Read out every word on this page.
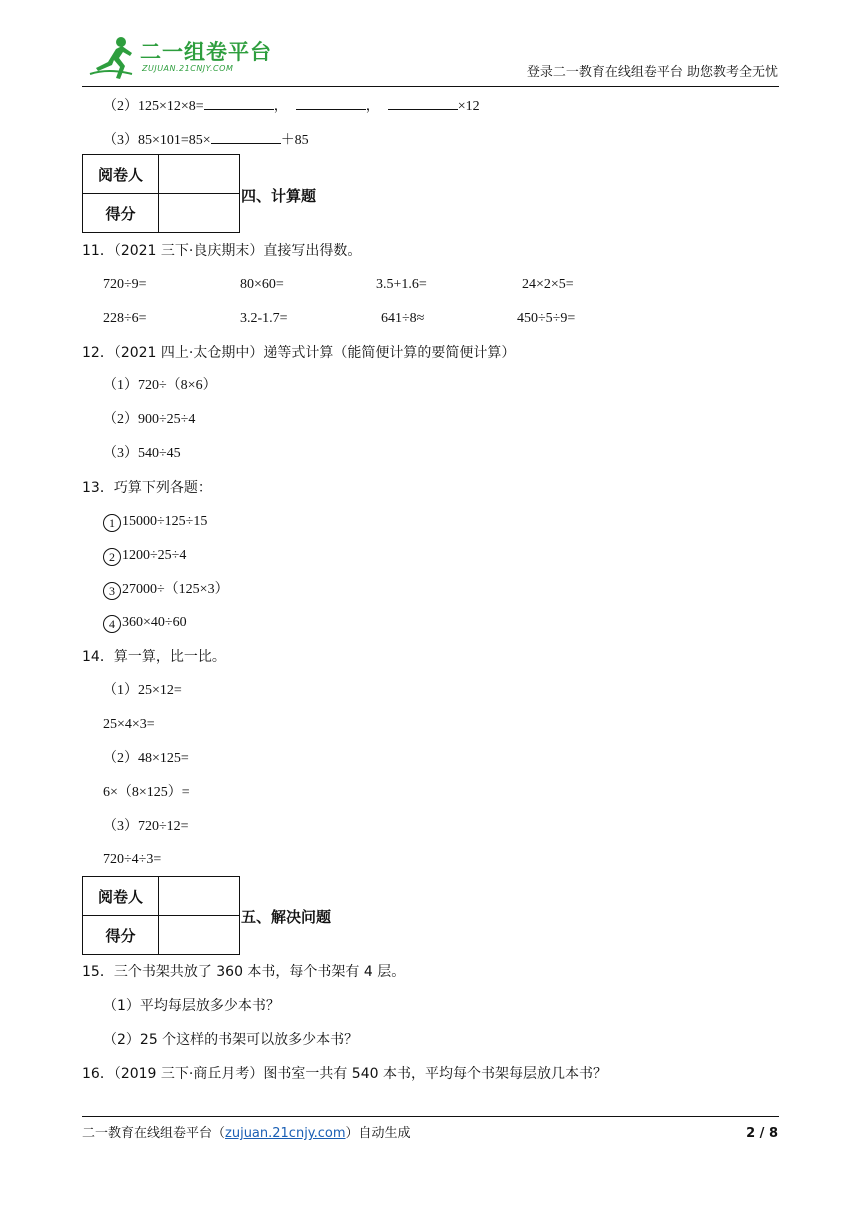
二一组卷平台
ZUJUAN.21CNJY.COM	登录二一教育在线组卷平台 助您教考全无忧
（2）125×12×8=	，	，	×12
（3）85×101=85×	＋85
阅卷人	
得分	
四、计算题
11．（2021 三下·良庆期末）直接写出得数。
720÷9=	80×60=	3.5+1.6=	24×2×5=
228÷6=	3.2-1.7=	641÷8≈	450÷5÷9=
12．（2021 四上·太仓期中）递等式计算（能简便计算的要简便计算）
（1）720÷（8×6）
（2）900÷25÷4
（3）540÷45
13．巧算下列各题：
1 15000÷125÷15
2 1200÷25÷4
3 27000÷（125×3）
4 360×40÷60
14．算一算，比一比。
（1）25×12=
25×4×3=
（2）48×125=
6×（8×125）=
（3）720÷12=
720÷4÷3=
阅卷人	
得分	
五、解决问题
15．三个书架共放了 360 本书，每个书架有 4 层。
（1）平均每层放多少本书？
（2）25 个这样的书架可以放多少本书？
16．（2019 三下·商丘月考）图书室一共有 540 本书，平均每个书架每层放几本书？
二一教育在线组卷平台（zujuan.21cnjy.com）自动生成	2 / 8
